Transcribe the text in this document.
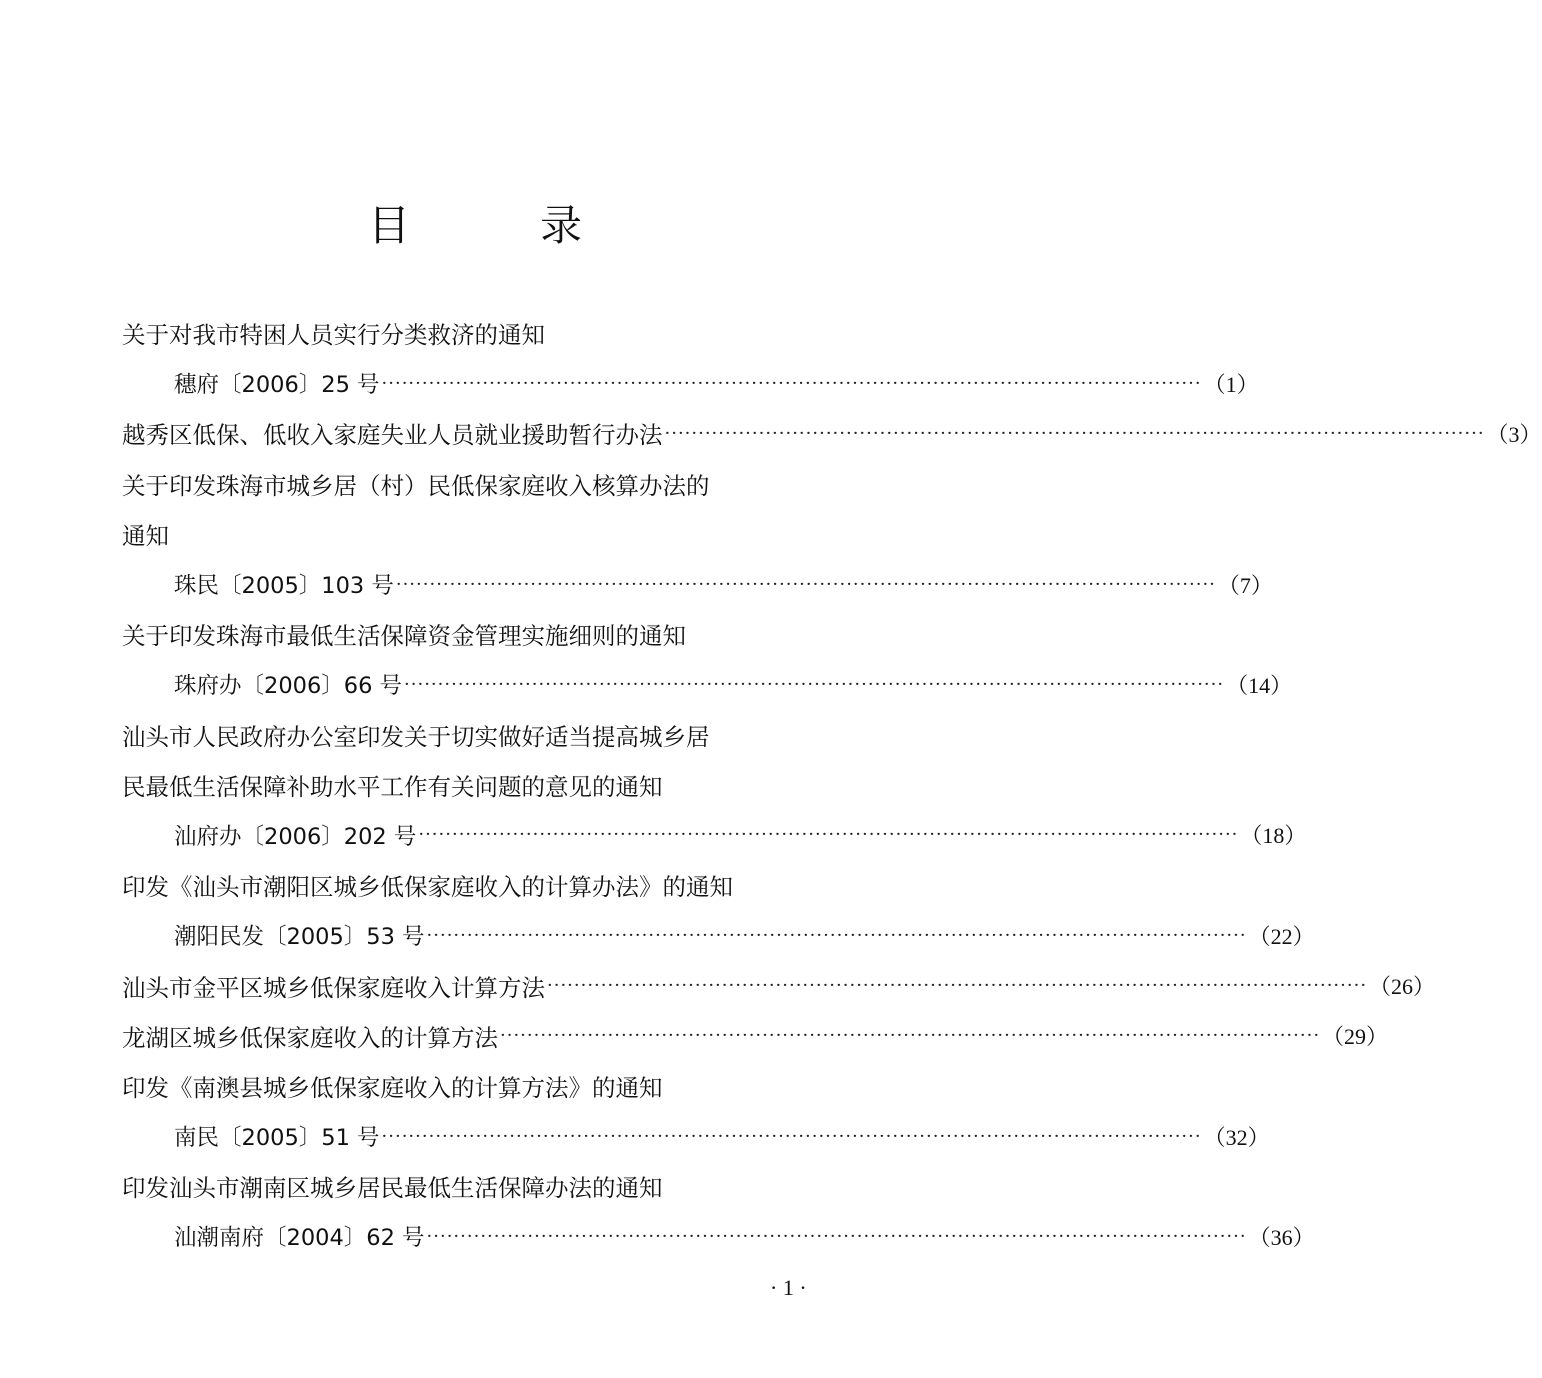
目　录
关于对我市特困人员实行分类救济的通知
穗府〔2006〕25 号 ·····	（1）
越秀区低保、低收入家庭失业人员就业援助暂行办法 ·····	（3）
关于印发珠海市城乡居（村）民低保家庭收入核算办法的
通知
珠民〔2005〕103 号 ·····	（7）
关于印发珠海市最低生活保障资金管理实施细则的通知
珠府办〔2006〕66 号 ·····	（14）
汕头市人民政府办公室印发关于切实做好适当提高城乡居
民最低生活保障补助水平工作有关问题的意见的通知
汕府办〔2006〕202 号 ·····	（18）
印发《汕头市潮阳区城乡低保家庭收入的计算办法》的通知
潮阳民发〔2005〕53 号 ·····	（22）
汕头市金平区城乡低保家庭收入计算方法 ·····	（26）
龙湖区城乡低保家庭收入的计算方法 ·····	（29）
印发《南澳县城乡低保家庭收入的计算方法》的通知
南民〔2005〕51 号 ·····	（32）
印发汕头市潮南区城乡居民最低生活保障办法的通知
汕潮南府〔2004〕62 号 ·····	（36）
· 1 ·
